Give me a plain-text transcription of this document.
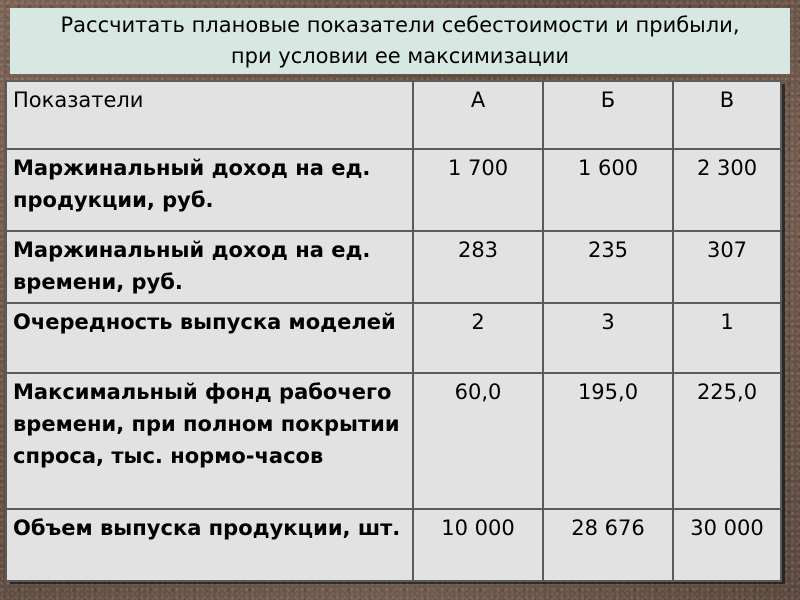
Рассчитать плановые показатели себестоимости и прибыли, при условии ее максимизации
Показатели	А	Б	В
Маржинальный доход на ед. продукции, руб.	1 700	1 600	2 300
Маржинальный доход на ед. времени, руб.	283	235	307
Очередность выпуска моделей	2	3	1
Максимальный фонд рабочего времени, при полном покрытии спроса, тыс. нормо-часов	60,0	195,0	225,0
Объем выпуска продукции, шт.	10 000	28 676	30 000
